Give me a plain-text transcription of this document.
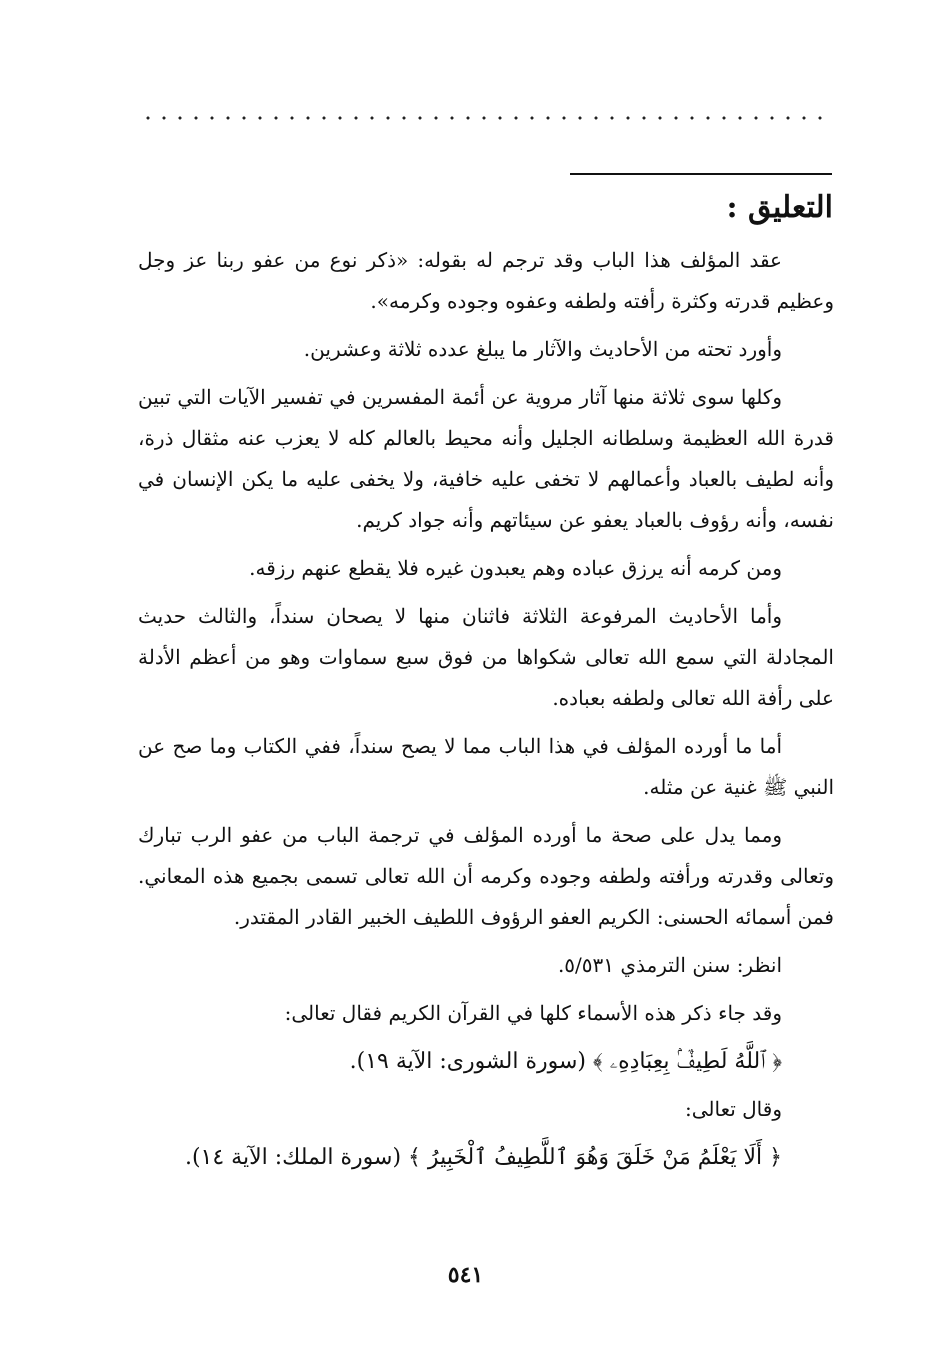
التعليق :

عقد المؤلف هذا الباب وقد ترجم له بقوله: «ذكر نوع من عفو ربنا عز وجل وعظيم قدرته وكثرة رأفته ولطفه وعفوه وجوده وكرمه».

وأورد تحته من الأحاديث والآثار ما يبلغ عدده ثلاثة وعشرين.

وكلها سوى ثلاثة منها آثار مروية عن أئمة المفسرين في تفسير الآيات التي تبين قدرة الله العظيمة وسلطانه الجليل وأنه محيط بالعالم كله لا يعزب عنه مثقال ذرة، وأنه لطيف بالعباد وأعمالهم لا تخفى عليه خافية، ولا يخفى عليه ما يكن الإنسان في نفسه، وأنه رؤوف بالعباد يعفو عن سيئاتهم وأنه جواد كريم.

ومن كرمه أنه يرزق عباده وهم يعبدون غيره فلا يقطع عنهم رزقه.

وأما الأحاديث المرفوعة الثلاثة فاثنان منها لا يصحان سنداً، والثالث حديث المجادلة التي سمع الله تعالى شكواها من فوق سبع سماوات وهو من أعظم الأدلة على رأفة الله تعالى ولطفه بعباده.

أما ما أورده المؤلف في هذا الباب مما لا يصح سنداً، ففي الكتاب وما صح عن النبي ﷺ غنية عن مثله.

ومما يدل على صحة ما أورده المؤلف في ترجمة الباب من عفو الرب تبارك وتعالى وقدرته ورأفته ولطفه وجوده وكرمه أن الله تعالى تسمى بجميع هذه المعاني. فمن أسمائه الحسنى: الكريم العفو الرؤوف اللطيف الخبير القادر المقتدر.

انظر: سنن الترمذي ٥/٥٣١.

وقد جاء ذكر هذه الأسماء كلها في القرآن الكريم فقال تعالى:

﴿ ٱللَّهُ لَطِيفٌۢ بِعِبَادِهِۦ ﴾ (سورة الشورى: الآية ١٩).

وقال تعالى:

﴿ أَلَا يَعْلَمُ مَنْ خَلَقَ وَهُوَ ٱللَّطِيفُ ٱلْخَبِيرُ ﴾ (سورة الملك: الآية ١٤).

٥٤١
